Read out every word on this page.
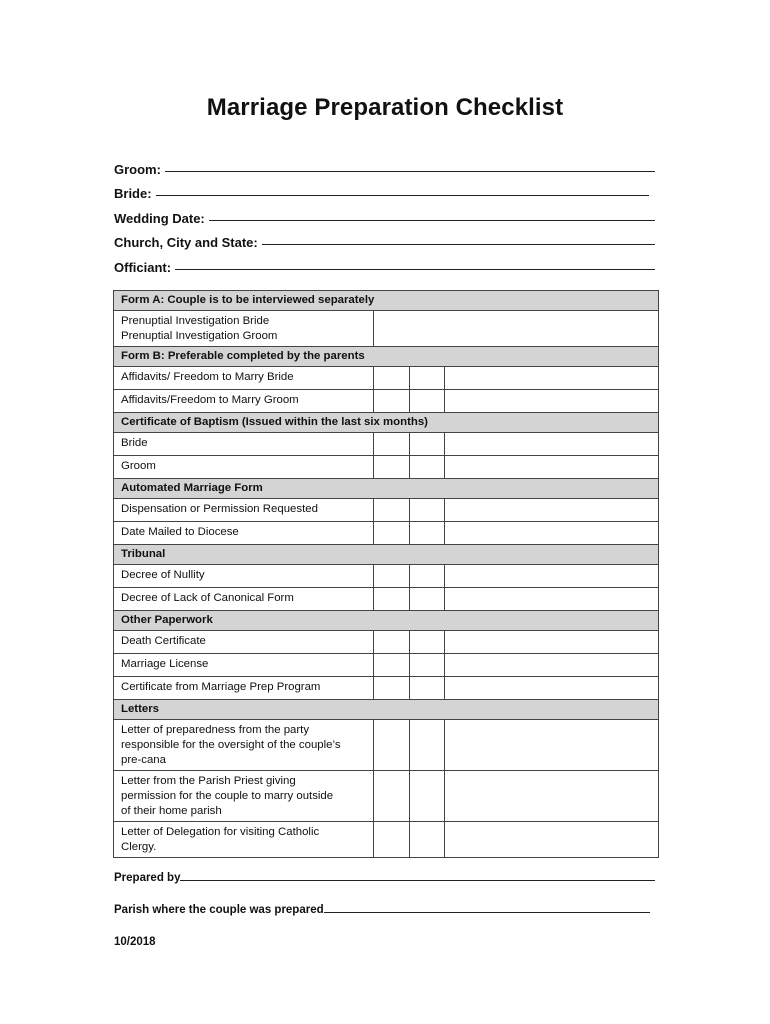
Marriage Preparation Checklist
Groom:
Bride:
Wedding Date:
Church, City and State:
Officiant:
Form A: Couple is to be interviewed separately			

Prenuptial Investigation Bride
Prenuptial Investigation Groom			

Form B: Preferable completed by the parents			
Affidavits/ Freedom to Marry Bride			
Affidavits/Freedom to Marry Groom			
Certificate of Baptism (Issued within the last six months)			
Bride			
Groom			
Automated Marriage Form			
Dispensation or Permission Requested			
Date Mailed to Diocese			
Tribunal			
Decree of Nullity			
Decree of Lack of Canonical Form			
Other Paperwork			
Death Certificate			
Marriage License			
Certificate from Marriage Prep Program			
Letters			

Letter of preparedness from the party
responsible for the oversight of the couple’s
pre-cana			

Letter from the Parish Priest giving
permission for the couple to marry outside
of their home parish			

Letter of Delegation for visiting Catholic
Clergy.			

Prepared by
Parish where the couple was prepared
10/2018
